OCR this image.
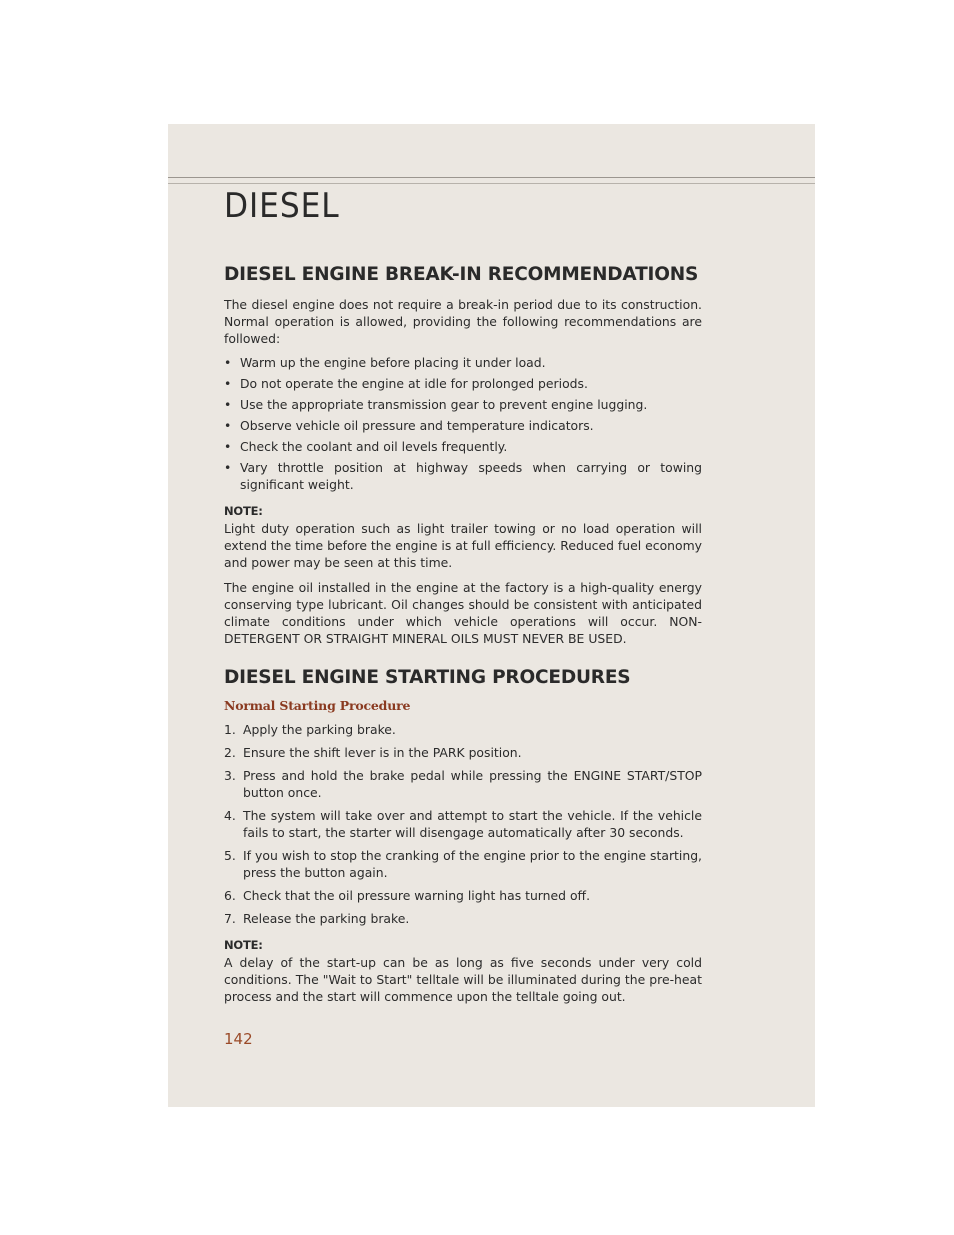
DIESEL
DIESEL ENGINE BREAK-IN RECOMMENDATIONS

The diesel engine does not require a break-in period due to its construction. Normal operation is allowed, providing the following recommendations are followed:

• Warm up the engine before placing it under load.
• Do not operate the engine at idle for prolonged periods.
• Use the appropriate transmission gear to prevent engine lugging.
• Observe vehicle oil pressure and temperature indicators.
• Check the coolant and oil levels frequently.
• Vary throttle position at highway speeds when carrying or towing significant weight.
NOTE:

Light duty operation such as light trailer towing or no load operation will extend the time before the engine is at full efficiency. Reduced fuel economy and power may be seen at this time.

The engine oil installed in the engine at the factory is a high-quality energy conserving type lubricant. Oil changes should be consistent with anticipated climate conditions under which vehicle operations will occur. NON-DETERGENT OR STRAIGHT MINERAL OILS MUST NEVER BE USED.

DIESEL ENGINE STARTING PROCEDURES
Normal Starting Procedure
1. Apply the parking brake.
2. Ensure the shift lever is in the PARK position.
3. Press and hold the brake pedal while pressing the ENGINE START/STOP button once.
4. The system will take over and attempt to start the vehicle. If the vehicle fails to start, the starter will disengage automatically after 30 seconds.
5. If you wish to stop the cranking of the engine prior to the engine starting, press the button again.
6. Check that the oil pressure warning light has turned off.
7. Release the parking brake.
NOTE:

A delay of the start-up can be as long as five seconds under very cold conditions. The "Wait to Start" telltale will be illuminated during the pre-heat process and the start will commence upon the telltale going out.

142
